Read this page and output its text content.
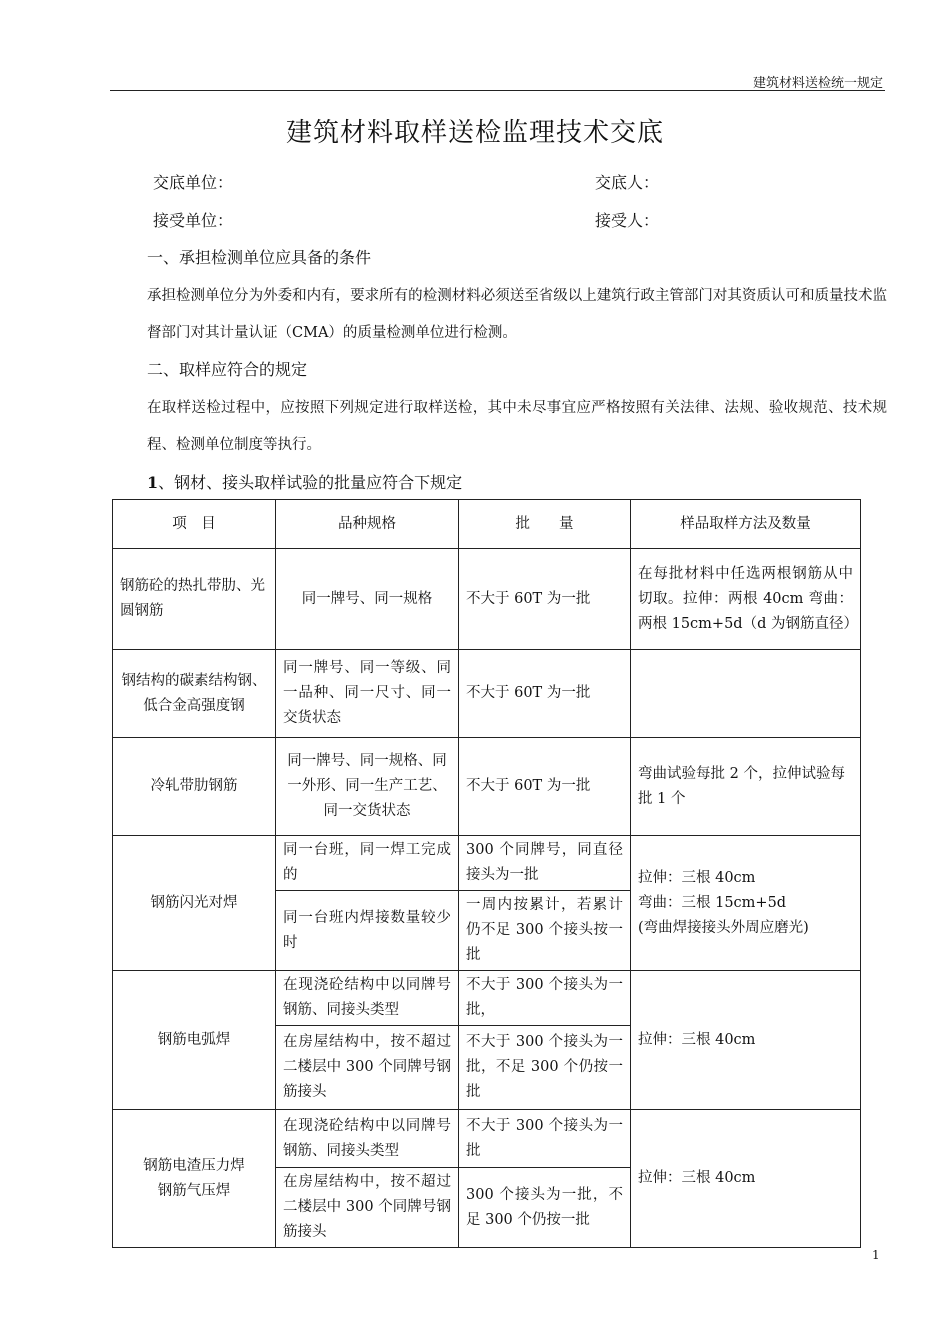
建筑材料送检统一规定
建筑材料取样送检监理技术交底
交底单位：	交底人：
接受单位：	接受人：
一、承担检测单位应具备的条件
承担检测单位分为外委和内有，要求所有的检测材料必须送至省级以上建筑行政主管部门对其资质认可和质量技术监督部门对其计量认证（CMA）的质量检测单位进行检测。
二、取样应符合的规定
在取样送检过程中，应按照下列规定进行取样送检，其中未尽事宜应严格按照有关法律、法规、验收规范、技术规程、检测单位制度等执行。
1、钢材、接头取样试验的批量应符合下规定
项　目	品种规格	批　　量	样品取样方法及数量
钢筋砼的热扎带肋、光圆钢筋	同一牌号、同一规格	不大于 60T 为一批	在每批材料中任选两根钢筋从中切取。拉伸：两根 40cm 弯曲：两根 15cm+5d（d 为钢筋直径）
钢结构的碳素结构钢、低合金高强度钢	同一牌号、同一等级、同一品种、同一尺寸、同一交货状态	不大于 60T 为一批	
冷轧带肋钢筋	同一牌号、同一规格、同一外形、同一生产工艺、同一交货状态	不大于 60T 为一批	弯曲试验每批 2 个，拉伸试验每批 1 个
钢筋闪光对焊	同一台班，同一焊工完成的	300 个同牌号，同直径接头为一批	拉伸：三根 40cm
弯曲：三根 15cm+5d
(弯曲焊接接头外周应磨光)

	同一台班内焊接数量较少时	一周内按累计，若累计仍不足 300 个接头按一批	
钢筋电弧焊	在现浇砼结构中以同牌号钢筋、同接头类型	不大于 300 个接头为一批，	拉伸：三根 40cm
	在房屋结构中，按不超过二楼层中 300 个同牌号钢筋接头	不大于 300 个接头为一批，不足 300 个仍按一批	

钢筋电渣压力焊
钢筋气压焊	在现浇砼结构中以同牌号钢筋、同接头类型	不大于 300 个接头为一批	拉伸：三根 40cm
	在房屋结构中，按不超过二楼层中 300 个同牌号钢筋接头	300 个接头为一批，不足 300 个仍按一批	
1
